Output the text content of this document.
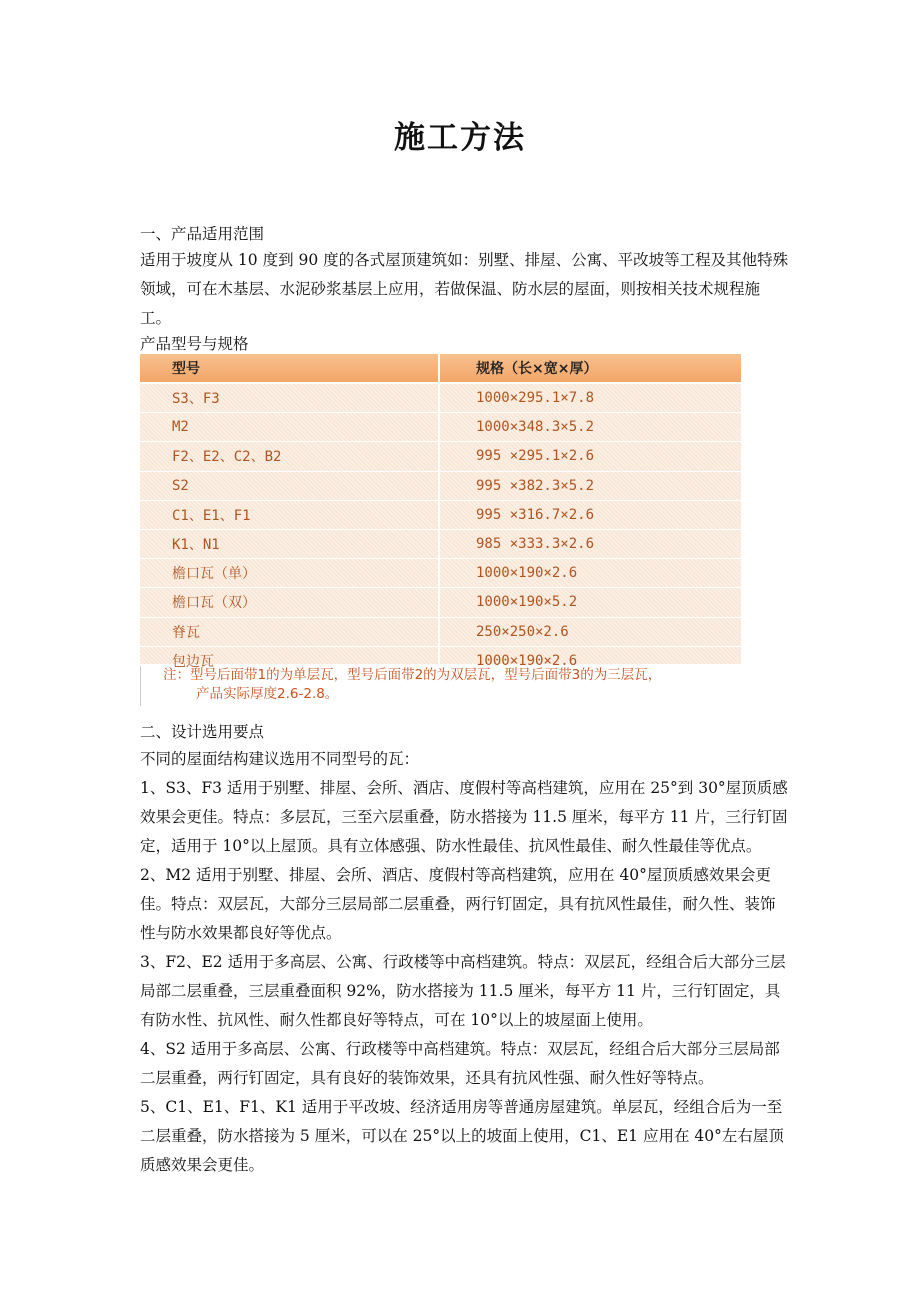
施工方法
一、产品适用范围
适用于坡度从 10 度到 90 度的各式屋顶建筑如：别墅、排屋、公寓、平改坡等工程及其他特殊领域，可在木基层、水泥砂浆基层上应用，若做保温、防水层的屋面，则按相关技术规程施工。
产品型号与规格
型号	规格（长×宽×厚）
S3、F3	1000×295.1×7.8
M2	1000×348.3×5.2
F2、E2、C2、B2	995 ×295.1×2.6
S2	995 ×382.3×5.2
C1、E1、F1	995 ×316.7×2.6
K1、N1	985 ×333.3×2.6
檐口瓦（单）	1000×190×2.6
檐口瓦（双）	1000×190×5.2
脊瓦	250×250×2.6
包边瓦	1000×190×2.6
注：型号后面带1的为单层瓦，型号后面带2的为双层瓦，型号后面带3的为三层瓦，
产品实际厚度2.6-2.8。
二、设计选用要点

不同的屋面结构建议选用不同型号的瓦：

1、S3、F3 适用于别墅、排屋、会所、酒店、度假村等高档建筑，应用在 25°到 30°屋顶质感效果会更佳。特点：多层瓦，三至六层重叠，防水搭接为 11.5 厘米，每平方 11 片，三行钉固定，适用于 10°以上屋顶。具有立体感强、防水性最佳、抗风性最佳、耐久性最佳等优点。

2、M2 适用于别墅、排屋、会所、酒店、度假村等高档建筑，应用在 40°屋顶质感效果会更佳。特点：双层瓦，大部分三层局部二层重叠，两行钉固定，具有抗风性最佳，耐久性、装饰性与防水效果都良好等优点。

3、F2、E2 适用于多高层、公寓、行政楼等中高档建筑。特点：双层瓦，经组合后大部分三层局部二层重叠，三层重叠面积 92%，防水搭接为 11.5 厘米，每平方 11 片，三行钉固定，具有防水性、抗风性、耐久性都良好等特点，可在 10°以上的坡屋面上使用。

4、S2 适用于多高层、公寓、行政楼等中高档建筑。特点：双层瓦，经组合后大部分三层局部二层重叠，两行钉固定，具有良好的装饰效果，还具有抗风性强、耐久性好等特点。

5、C1、E1、F1、K1 适用于平改坡、经济适用房等普通房屋建筑。单层瓦，经组合后为一至二层重叠，防水搭接为 5 厘米，可以在 25°以上的坡面上使用，C1、E1 应用在 40°左右屋顶质感效果会更佳。
